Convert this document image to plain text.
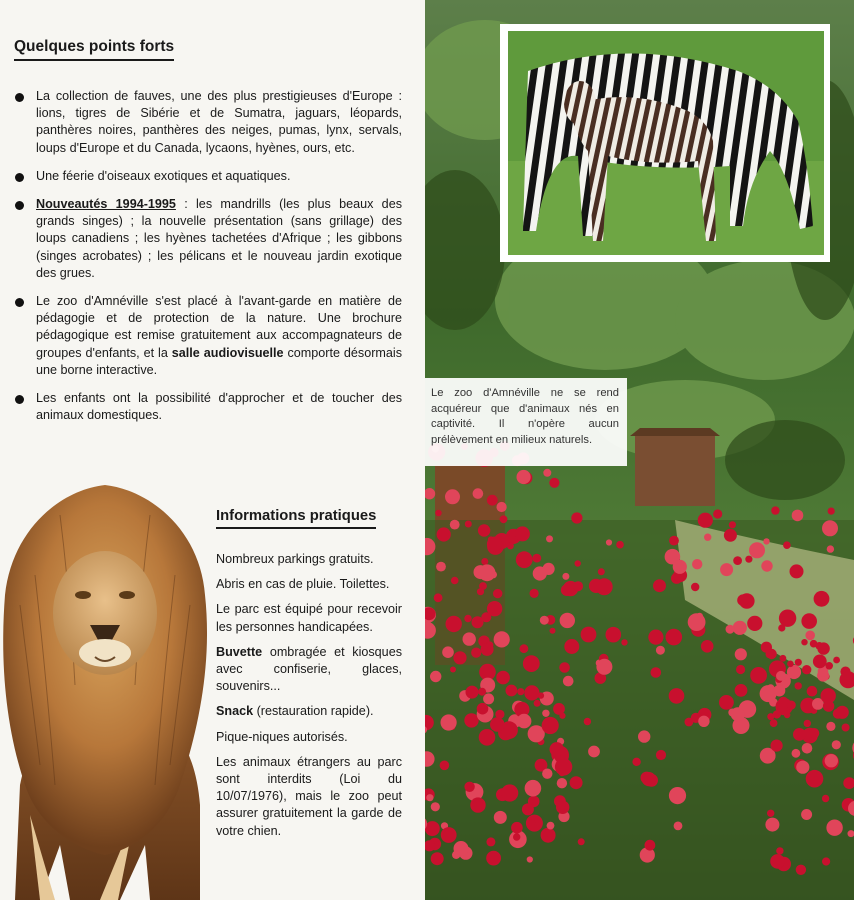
Quelques points forts
La collection de fauves, une des plus prestigieuses d'Europe : lions, tigres de Sibérie et de Sumatra, jaguars, léopards, panthères noires, panthères des neiges, pumas, lynx, servals, loups d'Europe et du Canada, lycaons, hyènes, ours, etc.
Une féerie d'oiseaux exotiques et aquatiques.
Nouveautés 1994-1995 : les mandrills (les plus beaux des grands singes) ; la nouvelle présentation (sans grillage) des loups canadiens ; les hyènes tachetées d'Afrique ; les gibbons (singes acrobates) ; les pélicans et le nouveau jardin exotique des grues.
Le zoo d'Amnéville s'est placé à l'avant-garde en matière de pédagogie et de protection de la nature. Une brochure pédagogique est remise gratuitement aux accompagnateurs de groupes d'enfants, et la salle audiovisuelle comporte désormais une borne interactive.
Les enfants ont la possibilité d'approcher et de toucher des animaux domestiques.
Informations pratiques

Nombreux parkings gratuits.

Abris en cas de pluie. Toilettes.

Le parc est équipé pour recevoir les personnes handicapées.

Buvette ombragée et kiosques avec confiserie, glaces, souvenirs...

Snack (restauration rapide).

Pique-niques autorisés.

Les animaux étrangers au parc sont interdits (Loi du 10/07/1976), mais le zoo peut assurer gratuitement la garde de votre chien.

Le zoo d'Amnéville ne se rend acquéreur que d'animaux nés en captivité. Il n'opère aucun prélèvement en milieux naturels.
